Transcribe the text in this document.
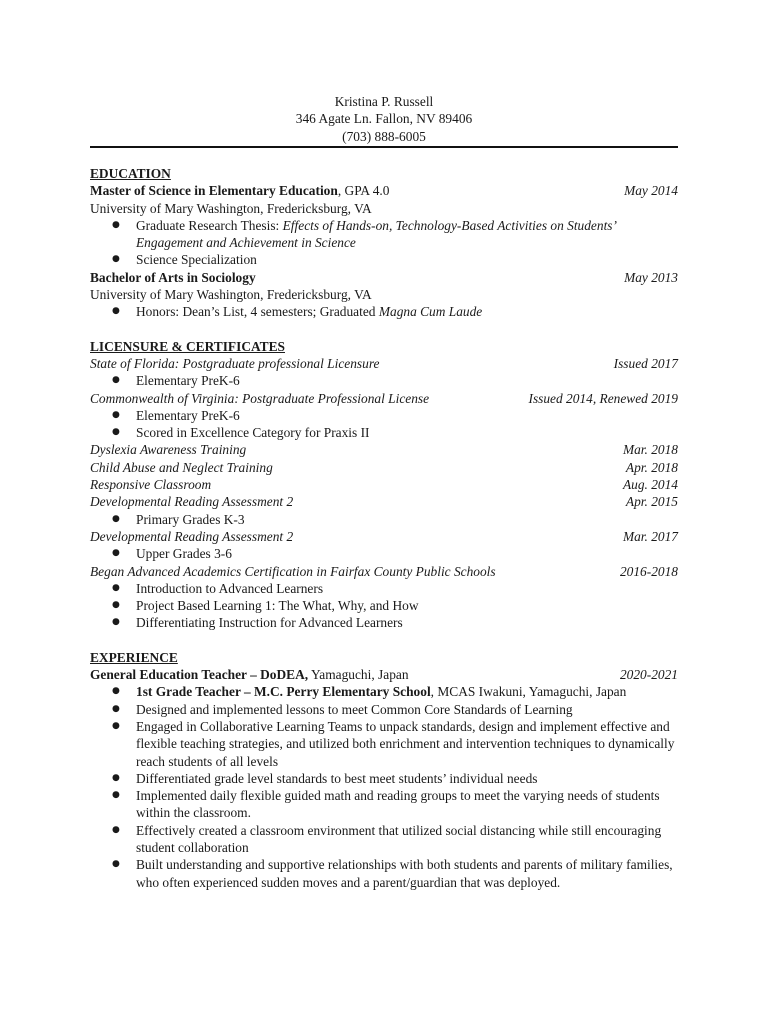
Kristina P. Russell
346 Agate Ln. Fallon, NV 89406
(703) 888-6005
EDUCATION
Master of Science in Elementary Education, GPA 4.0	May 2014
University of Mary Washington, Fredericksburg, VA
● Graduate Research Thesis: Effects of Hands-on, Technology-Based Activities on Students’ Engagement and Achievement in Science
● Science Specialization
Bachelor of Arts in Sociology	May 2013
University of Mary Washington, Fredericksburg, VA
● Honors: Dean’s List, 4 semesters; Graduated Magna Cum Laude
LICENSURE & CERTIFICATES
State of Florida: Postgraduate professional Licensure	Issued 2017
● Elementary PreK-6
Commonwealth of Virginia: Postgraduate Professional License	Issued 2014, Renewed 2019
● Elementary PreK-6
● Scored in Excellence Category for Praxis II
Dyslexia Awareness Training	Mar. 2018
Child Abuse and Neglect Training	Apr. 2018
Responsive Classroom	Aug. 2014
Developmental Reading Assessment 2	Apr. 2015
● Primary Grades K-3
Developmental Reading Assessment 2	Mar. 2017
● Upper Grades 3-6
Began Advanced Academics Certification in Fairfax County Public Schools	2016-2018
● Introduction to Advanced Learners
● Project Based Learning 1: The What, Why, and How
● Differentiating Instruction for Advanced Learners
EXPERIENCE
General Education Teacher – DoDEA, Yamaguchi, Japan	2020-2021
● 1st Grade Teacher – M.C. Perry Elementary School, MCAS Iwakuni, Yamaguchi, Japan
● Designed and implemented lessons to meet Common Core Standards of Learning
● Engaged in Collaborative Learning Teams to unpack standards, design and implement effective and flexible teaching strategies, and utilized both enrichment and intervention techniques to dynamically reach students of all levels
● Differentiated grade level standards to best meet students’ individual needs
● Implemented daily flexible guided math and reading groups to meet the varying needs of students within the classroom.
● Effectively created a classroom environment that utilized social distancing while still encouraging student collaboration
● Built understanding and supportive relationships with both students and parents of military families, who often experienced sudden moves and a parent/guardian that was deployed.
